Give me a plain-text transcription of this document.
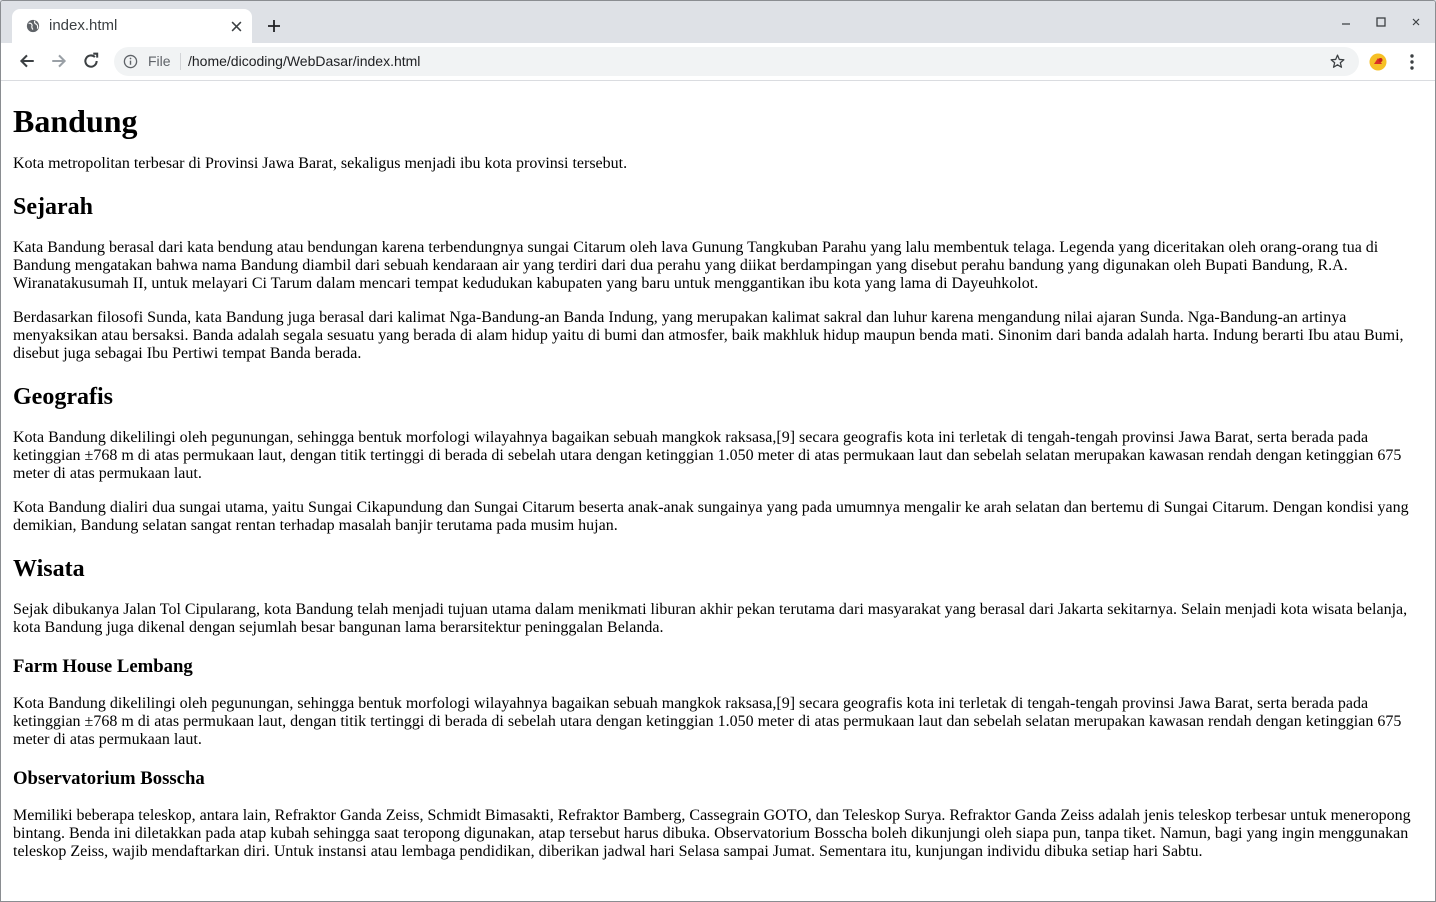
index.html
File /home/dicoding/WebDasar/index.html
Bandung

Kota metropolitan terbesar di Provinsi Jawa Barat, sekaligus menjadi ibu kota provinsi tersebut.

Sejarah

Kata Bandung berasal dari kata bendung atau bendungan karena terbendungnya sungai Citarum oleh lava Gunung Tangkuban Parahu yang lalu membentuk telaga. Legenda yang diceritakan oleh orang-orang tua di Bandung mengatakan bahwa nama Bandung diambil dari sebuah kendaraan air yang terdiri dari dua perahu yang diikat berdampingan yang disebut perahu bandung yang digunakan oleh Bupati Bandung, R.A. Wiranatakusumah II, untuk melayari Ci Tarum dalam mencari tempat kedudukan kabupaten yang baru untuk menggantikan ibu kota yang lama di Dayeuhkolot.

Berdasarkan filosofi Sunda, kata Bandung juga berasal dari kalimat Nga-Bandung-an Banda Indung, yang merupakan kalimat sakral dan luhur karena mengandung nilai ajaran Sunda. Nga-Bandung-an artinya menyaksikan atau bersaksi. Banda adalah segala sesuatu yang berada di alam hidup yaitu di bumi dan atmosfer, baik makhluk hidup maupun benda mati. Sinonim dari banda adalah harta. Indung berarti Ibu atau Bumi, disebut juga sebagai Ibu Pertiwi tempat Banda berada.

Geografis

Kota Bandung dikelilingi oleh pegunungan, sehingga bentuk morfologi wilayahnya bagaikan sebuah mangkok raksasa,[9] secara geografis kota ini terletak di tengah-tengah provinsi Jawa Barat, serta berada pada ketinggian ±768 m di atas permukaan laut, dengan titik tertinggi di berada di sebelah utara dengan ketinggian 1.050 meter di atas permukaan laut dan sebelah selatan merupakan kawasan rendah dengan ketinggian 675 meter di atas permukaan laut.

Kota Bandung dialiri dua sungai utama, yaitu Sungai Cikapundung dan Sungai Citarum beserta anak-anak sungainya yang pada umumnya mengalir ke arah selatan dan bertemu di Sungai Citarum. Dengan kondisi yang demikian, Bandung selatan sangat rentan terhadap masalah banjir terutama pada musim hujan.

Wisata

Sejak dibukanya Jalan Tol Cipularang, kota Bandung telah menjadi tujuan utama dalam menikmati liburan akhir pekan terutama dari masyarakat yang berasal dari Jakarta sekitarnya. Selain menjadi kota wisata belanja, kota Bandung juga dikenal dengan sejumlah besar bangunan lama berarsitektur peninggalan Belanda.

Farm House Lembang

Kota Bandung dikelilingi oleh pegunungan, sehingga bentuk morfologi wilayahnya bagaikan sebuah mangkok raksasa,[9] secara geografis kota ini terletak di tengah-tengah provinsi Jawa Barat, serta berada pada ketinggian ±768 m di atas permukaan laut, dengan titik tertinggi di berada di sebelah utara dengan ketinggian 1.050 meter di atas permukaan laut dan sebelah selatan merupakan kawasan rendah dengan ketinggian 675 meter di atas permukaan laut.

Observatorium Bosscha

Memiliki beberapa teleskop, antara lain, Refraktor Ganda Zeiss, Schmidt Bimasakti, Refraktor Bamberg, Cassegrain GOTO, dan Teleskop Surya. Refraktor Ganda Zeiss adalah jenis teleskop terbesar untuk meneropong bintang. Benda ini diletakkan pada atap kubah sehingga saat teropong digunakan, atap tersebut harus dibuka. Observatorium Bosscha boleh dikunjungi oleh siapa pun, tanpa tiket. Namun, bagi yang ingin menggunakan teleskop Zeiss, wajib mendaftarkan diri. Untuk instansi atau lembaga pendidikan, diberikan jadwal hari Selasa sampai Jumat. Sementara itu, kunjungan individu dibuka setiap hari Sabtu.
